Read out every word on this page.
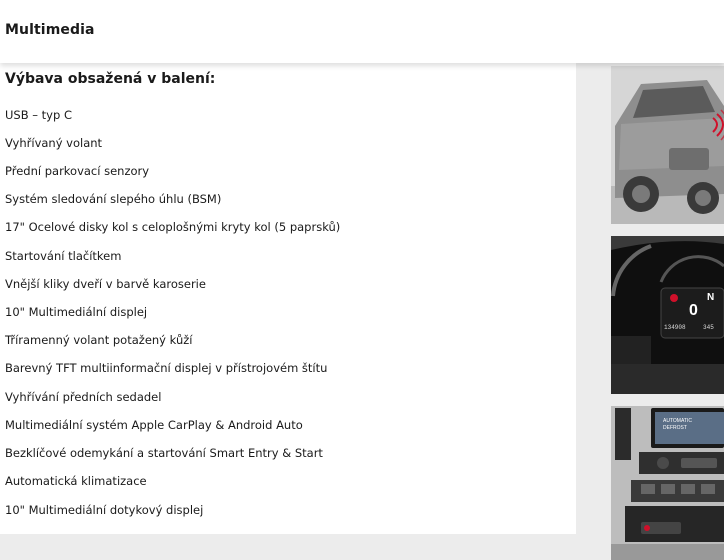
Multimedia
Výbava obsažená v balení:
USB – typ C
Vyhřívaný volant
Přední parkovací senzory
Systém sledování slepého úhlu (BSM)
17" Ocelové disky kol s celoplošnými kryty kol (5 paprsků)
Startování tlačítkem
Vnější kliky dveří v barvě karoserie
10" Multimediální displej
Tříramenný volant potažený kůží
Barevný TFT multiinformační displej v přístrojovém štítu
Vyhřívání předních sedadel
Multimediální systém Apple CarPlay & Android Auto
Bezklíčové odemykání a startování Smart Entry & Start
Automatická klimatizace
10" Multimediální dotykový displej
0
N
134908	345
AUTOMATIC
DEFROST
